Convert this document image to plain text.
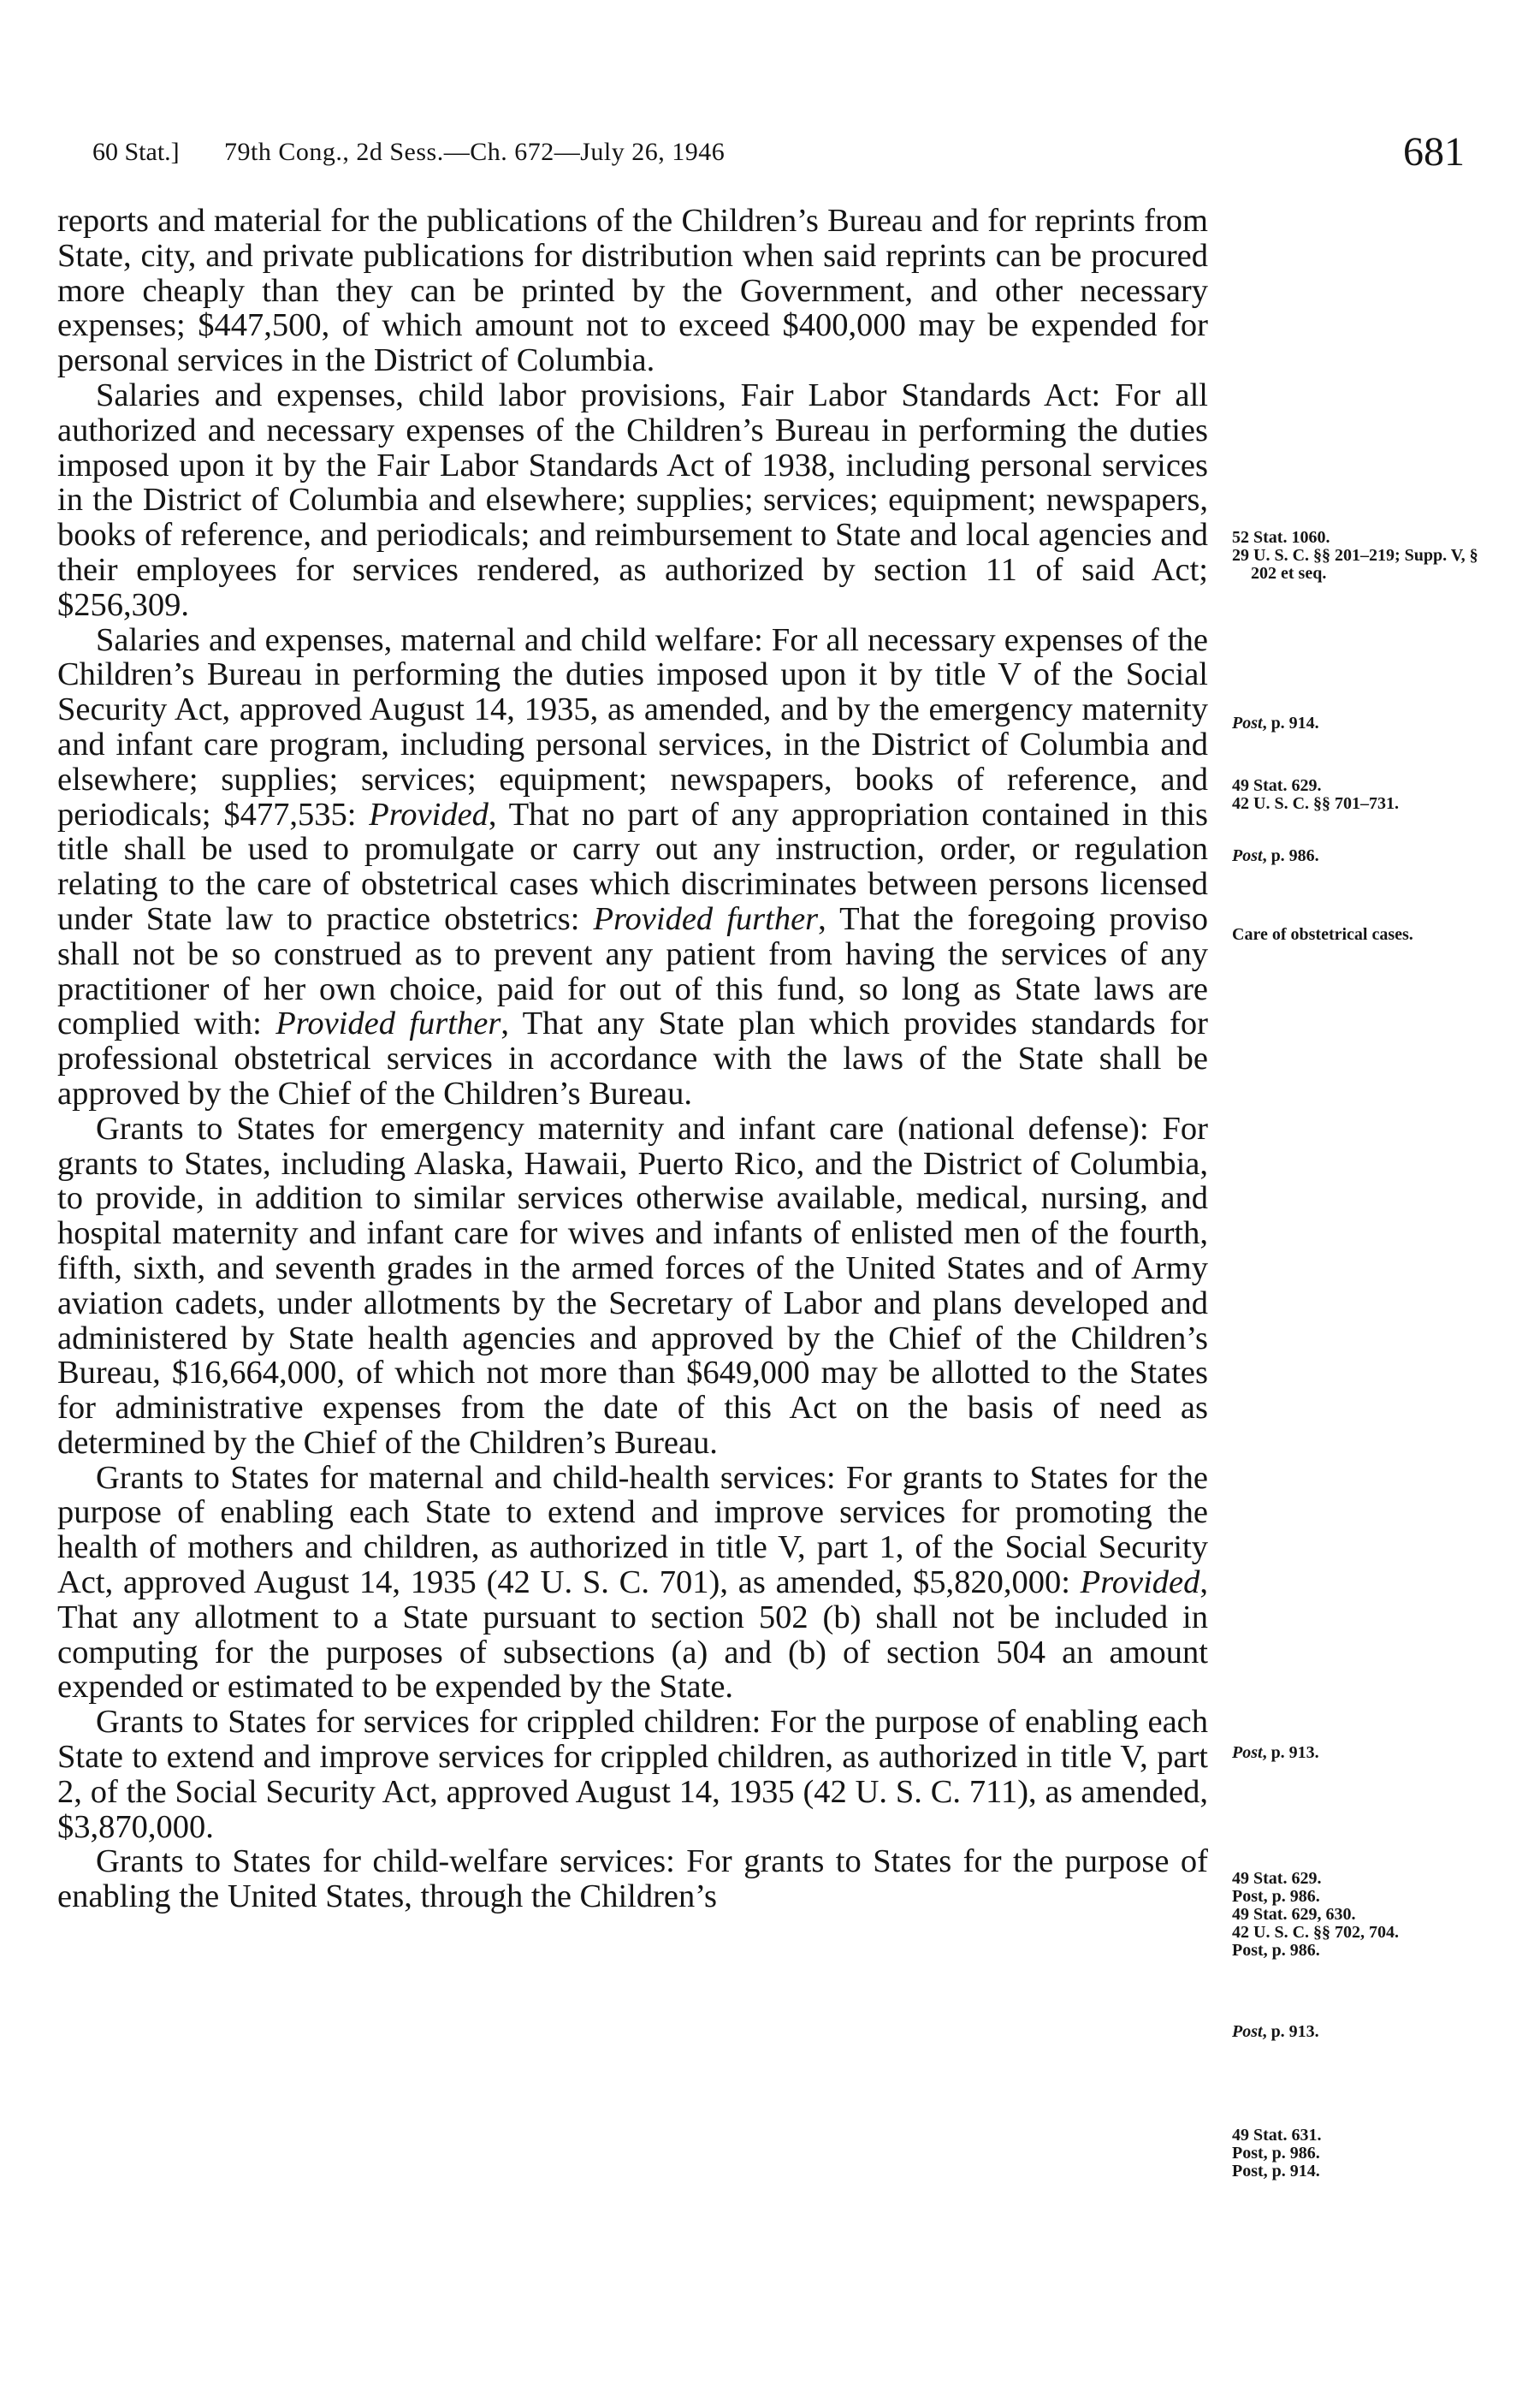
60 Stat.] 79th Cong., 2d Sess.—Ch. 672—July 26, 1946	681

reports and material for the publications of the Children’s Bureau and for reprints from State, city, and private publications for distribution when said reprints can be procured more cheaply than they can be printed by the Government, and other necessary expenses; $447,500, of which amount not to exceed $400,000 may be expended for personal services in the District of Columbia.

Salaries and expenses, child labor provisions, Fair Labor Standards Act: For all authorized and necessary expenses of the Children’s Bureau in performing the duties imposed upon it by the Fair Labor Standards Act of 1938, including personal services in the District of Columbia and elsewhere; supplies; services; equipment; newspapers, books of reference, and periodicals; and reimbursement to State and local agencies and their employees for services rendered, as authorized by section 11 of said Act; $256,309.

Salaries and expenses, maternal and child welfare: For all necessary expenses of the Children’s Bureau in performing the duties imposed upon it by title V of the Social Security Act, approved August 14, 1935, as amended, and by the emergency maternity and infant care program, including personal services, in the District of Columbia and elsewhere; supplies; services; equipment; newspapers, books of reference, and periodicals; $477,535: Provided, That no part of any appropriation contained in this title shall be used to promulgate or carry out any instruction, order, or regulation relating to the care of obstetrical cases which discriminates between persons licensed under State law to practice obstetrics: Provided further, That the foregoing proviso shall not be so construed as to prevent any patient from having the services of any practitioner of her own choice, paid for out of this fund, so long as State laws are complied with: Provided further, That any State plan which provides standards for professional obstetrical services in accordance with the laws of the State shall be approved by the Chief of the Children’s Bureau.

Grants to States for emergency maternity and infant care (national defense): For grants to States, including Alaska, Hawaii, Puerto Rico, and the District of Columbia, to provide, in addition to similar services otherwise available, medical, nursing, and hospital maternity and infant care for wives and infants of enlisted men of the fourth, fifth, sixth, and seventh grades in the armed forces of the United States and of Army aviation cadets, under allotments by the Secretary of Labor and plans developed and administered by State health agencies and approved by the Chief of the Children’s Bureau, $16,664,000, of which not more than $649,000 may be allotted to the States for administrative expenses from the date of this Act on the basis of need as determined by the Chief of the Children’s Bureau.

Grants to States for maternal and child-health services: For grants to States for the purpose of enabling each State to extend and improve services for promoting the health of mothers and children, as authorized in title V, part 1, of the Social Security Act, approved August 14, 1935 (42 U. S. C. 701), as amended, $5,820,000: Provided, That any allotment to a State pursuant to section 502 (b) shall not be included in computing for the purposes of subsections (a) and (b) of section 504 an amount expended or estimated to be expended by the State.

Grants to States for services for crippled children: For the purpose of enabling each State to extend and improve services for crippled children, as authorized in title V, part 2, of the Social Security Act, approved August 14, 1935 (42 U. S. C. 711), as amended, $3,870,000.

Grants to States for child-welfare services: For grants to States for the purpose of enabling the United States, through the Children’s

52 Stat. 1060.
29 U. S. C. §§ 201–219; Supp. V, § 202 et seq.
Post, p. 914.
49 Stat. 629.
42 U. S. C. §§ 701–731.
Post, p. 986.
Care of obstetrical cases.
Post, p. 913.
49 Stat. 629.
Post, p. 986.
49 Stat. 629, 630.
42 U. S. C. §§ 702, 704.
Post, p. 986.
Post, p. 913.
49 Stat. 631.
Post, p. 986.
Post, p. 914.
